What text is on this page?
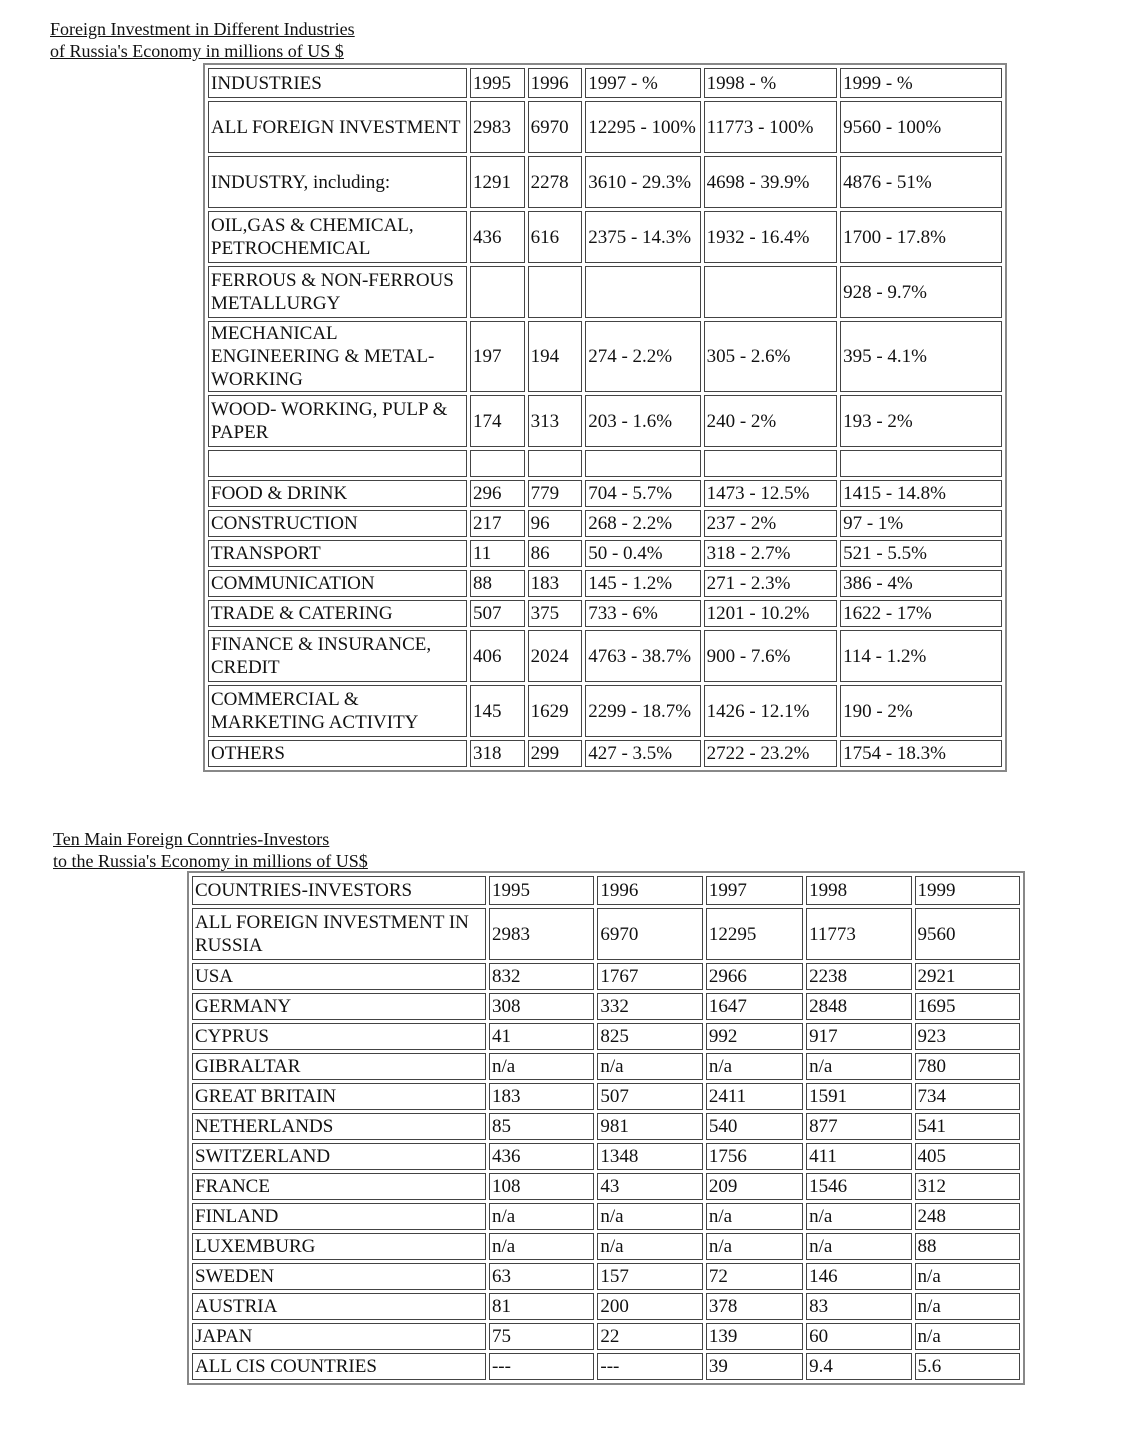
Foreign Investment in Different Industries
of Russia's Economy in millions of US $
INDUSTRIES	1995	1996	1997 - %	1998 - %	1999 - %
ALL FOREIGN INVESTMENT	2983	6970	12295 - 100%	11773 - 100%	9560 - 100%
INDUSTRY, including:	1291	2278	3610 - 29.3%	4698 - 39.9%	4876 - 51%
OIL,GAS & CHEMICAL, PETROCHEMICAL	436	616	2375 - 14.3%	1932 - 16.4%	1700 - 17.8%
FERROUS & NON-FERROUS METALLURGY					928 - 9.7%
MECHANICAL ENGINEERING & METAL-WORKING	197	194	274 - 2.2%	305 - 2.6%	395 - 4.1%
WOOD- WORKING, PULP & PAPER	174	313	203 - 1.6%	240 - 2%	193 - 2%

FOOD & DRINK	296	779	704 - 5.7%	1473 - 12.5%	1415 - 14.8%
CONSTRUCTION	217	96	268 - 2.2%	237 - 2%	97 - 1%
TRANSPORT	11	86	50 - 0.4%	318 - 2.7%	521 - 5.5%
COMMUNICATION	88	183	145 - 1.2%	271 - 2.3%	386 - 4%
TRADE & CATERING	507	375	733 - 6%	1201 - 10.2%	1622 - 17%
FINANCE & INSURANCE, CREDIT	406	2024	4763 - 38.7%	900 - 7.6%	114 - 1.2%
COMMERCIAL & MARKETING ACTIVITY	145	1629	2299 - 18.7%	1426 - 12.1%	190 - 2%
OTHERS	318	299	427 - 3.5%	2722 - 23.2%	1754 - 18.3%
Ten Main Foreign Conntries-Investors
to the Russia's Economy in millions of US$
COUNTRIES-INVESTORS	1995	1996	1997	1998	1999
ALL FOREIGN INVESTMENT IN RUSSIA	2983	6970	12295	11773	9560
USA	832	1767	2966	2238	2921
GERMANY	308	332	1647	2848	1695
CYPRUS	41	825	992	917	923
GIBRALTAR	n/a	n/a	n/a	n/a	780
GREAT BRITAIN	183	507	2411	1591	734
NETHERLANDS	85	981	540	877	541
SWITZERLAND	436	1348	1756	411	405
FRANCE	108	43	209	1546	312
FINLAND	n/a	n/a	n/a	n/a	248
LUXEMBURG	n/a	n/a	n/a	n/a	88
SWEDEN	63	157	72	146	n/a
AUSTRIA	81	200	378	83	n/a
JAPAN	75	22	139	60	n/a
ALL CIS COUNTRIES	---	---	39	9.4	5.6
